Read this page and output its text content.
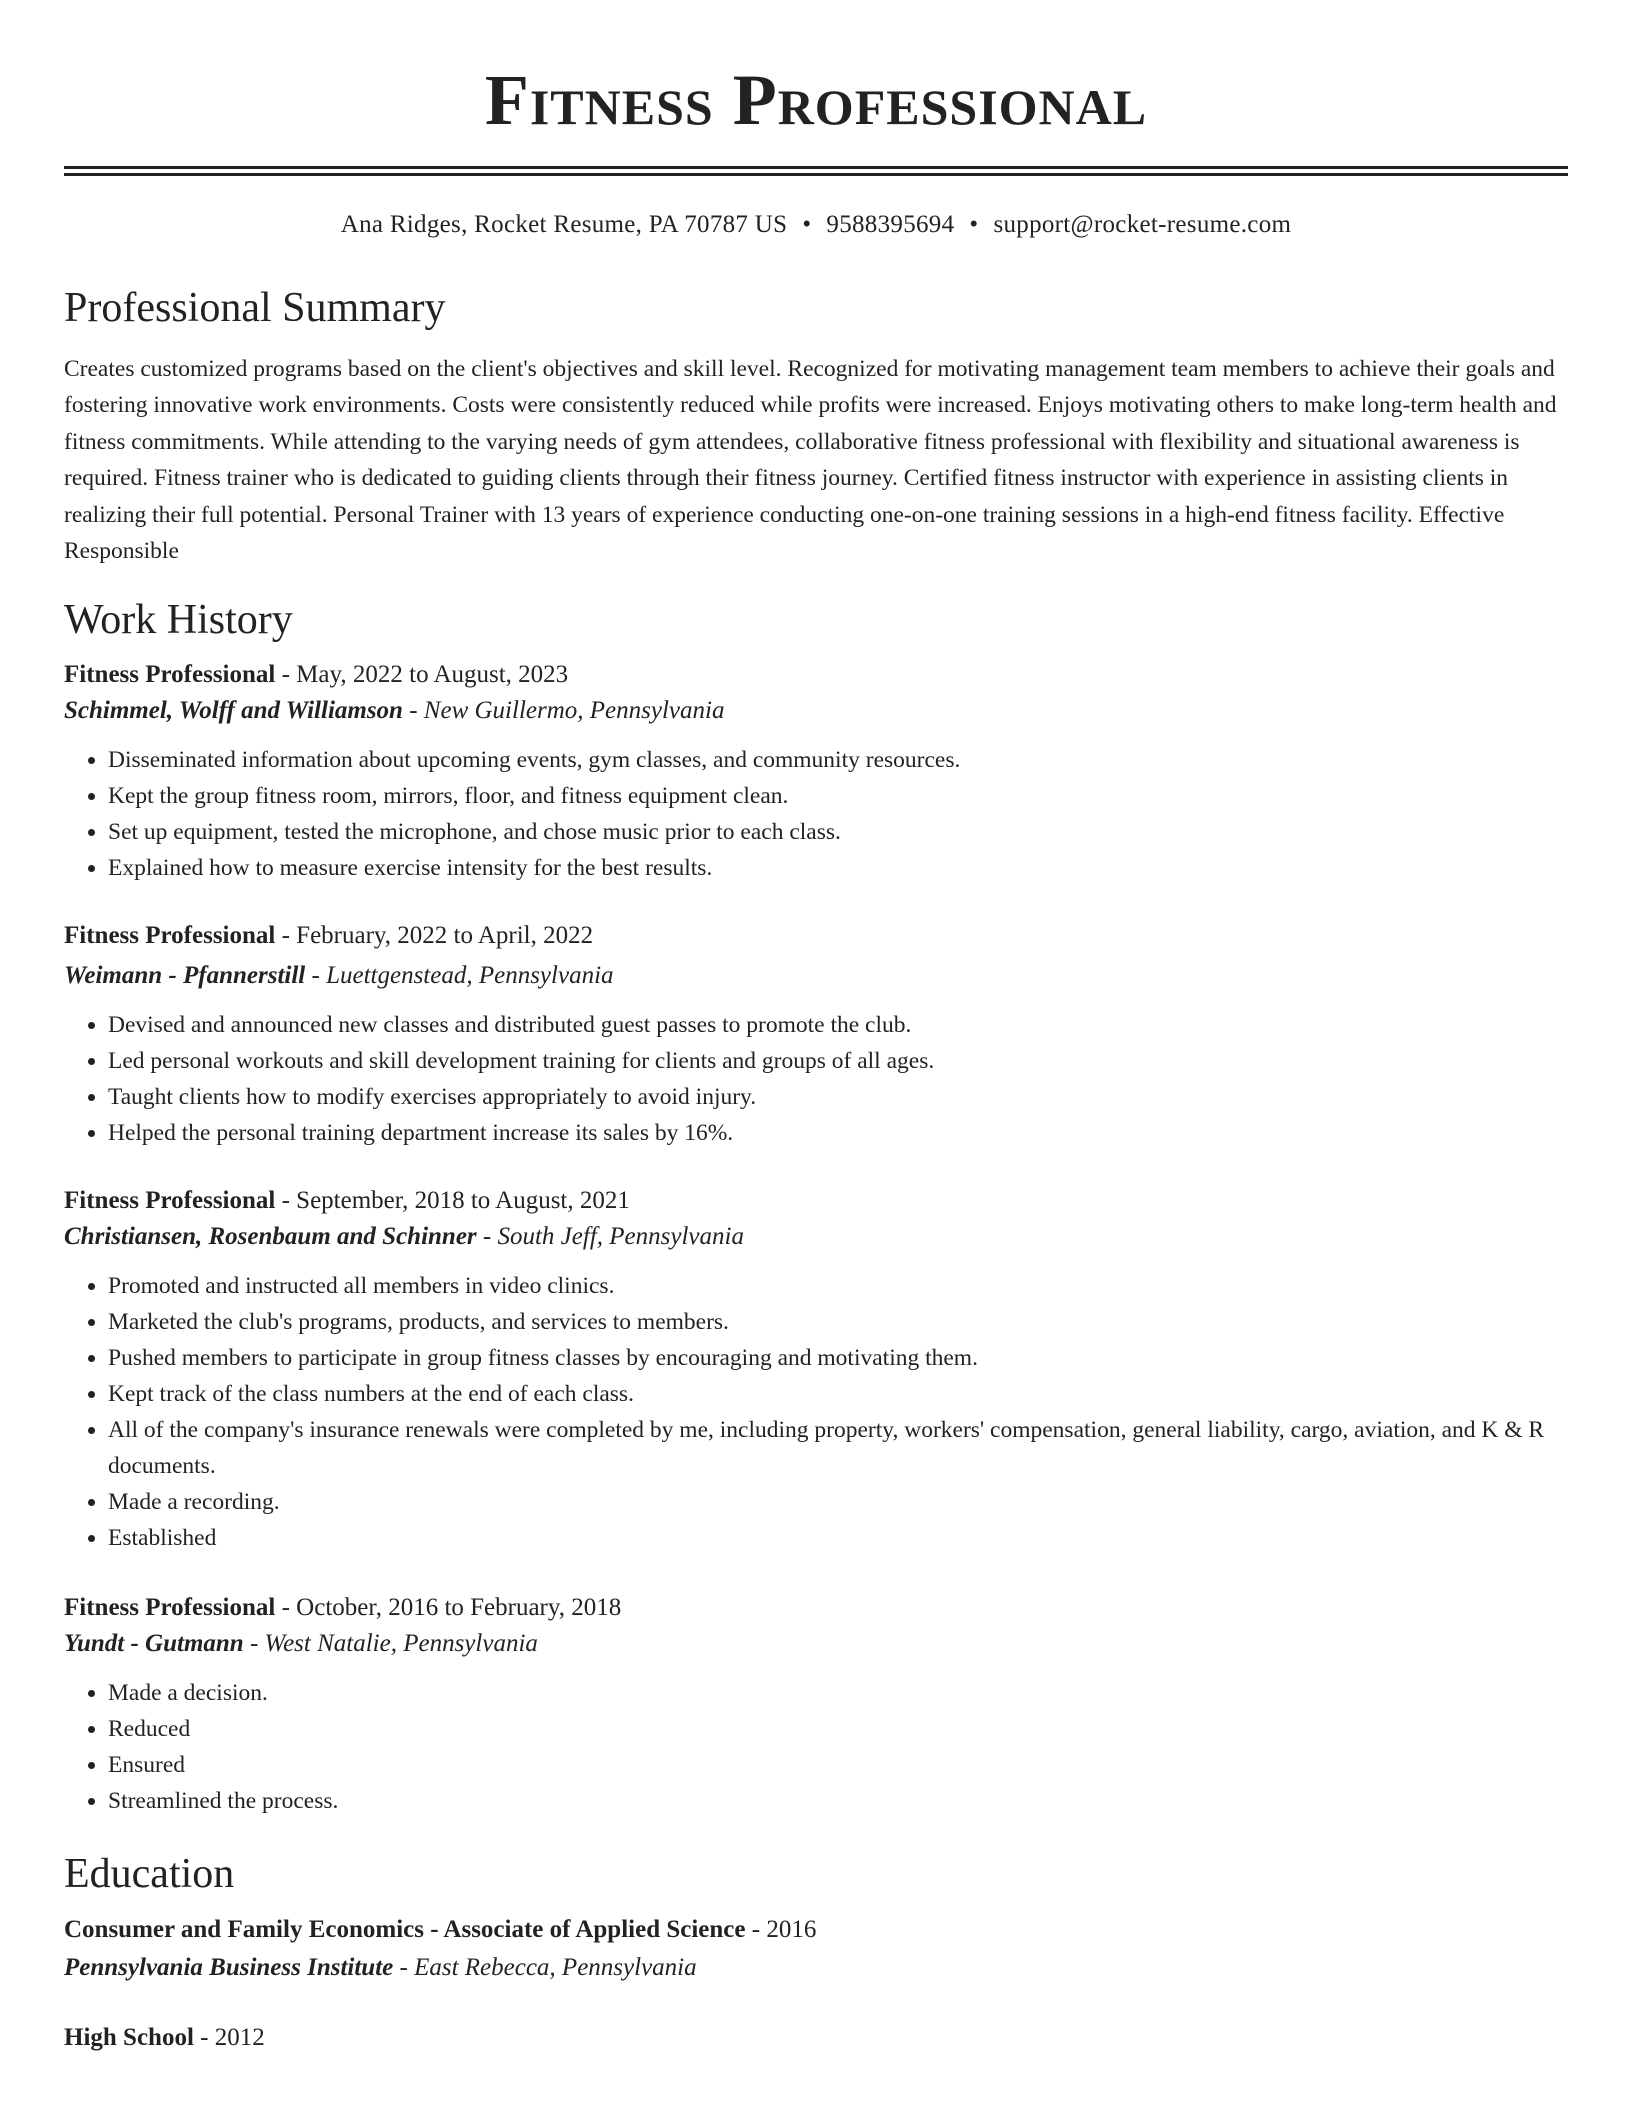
Fitness Professional
Ana Ridges, Rocket Resume, PA 70787 US • 9588395694 • support@rocket-resume.com
Professional Summary

Creates customized programs based on the client's objectives and skill level. Recognized for motivating management team members to achieve their goals and fostering innovative work environments. Costs were consistently reduced while profits were increased. Enjoys motivating others to make long-term health and fitness commitments. While attending to the varying needs of gym attendees, collaborative fitness professional with flexibility and situational awareness is required. Fitness trainer who is dedicated to guiding clients through their fitness journey. Certified fitness instructor with experience in assisting clients in realizing their full potential. Personal Trainer with 13 years of experience conducting one-on-one training sessions in a high-end fitness facility. Effective Responsible

Work History
Fitness Professional - May, 2022 to August, 2023
Schimmel, Wolff and Williamson - New Guillermo, Pennsylvania
• Disseminated information about upcoming events, gym classes, and community resources.
• Kept the group fitness room, mirrors, floor, and fitness equipment clean.
• Set up equipment, tested the microphone, and chose music prior to each class.
• Explained how to measure exercise intensity for the best results.
Fitness Professional - February, 2022 to April, 2022
Weimann - Pfannerstill - Luettgenstead, Pennsylvania
• Devised and announced new classes and distributed guest passes to promote the club.
• Led personal workouts and skill development training for clients and groups of all ages.
• Taught clients how to modify exercises appropriately to avoid injury.
• Helped the personal training department increase its sales by 16%.
Fitness Professional - September, 2018 to August, 2021
Christiansen, Rosenbaum and Schinner - South Jeff, Pennsylvania
• Promoted and instructed all members in video clinics.
• Marketed the club's programs, products, and services to members.
• Pushed members to participate in group fitness classes by encouraging and motivating them.
• Kept track of the class numbers at the end of each class.
• All of the company's insurance renewals were completed by me, including property, workers' compensation, general liability, cargo, aviation, and K & R documents.
• Made a recording.
• Established
Fitness Professional - October, 2016 to February, 2018
Yundt - Gutmann - West Natalie, Pennsylvania
• Made a decision.
• Reduced
• Ensured
• Streamlined the process.
Education
Consumer and Family Economics - Associate of Applied Science - 2016
Pennsylvania Business Institute - East Rebecca, Pennsylvania
High School - 2012
